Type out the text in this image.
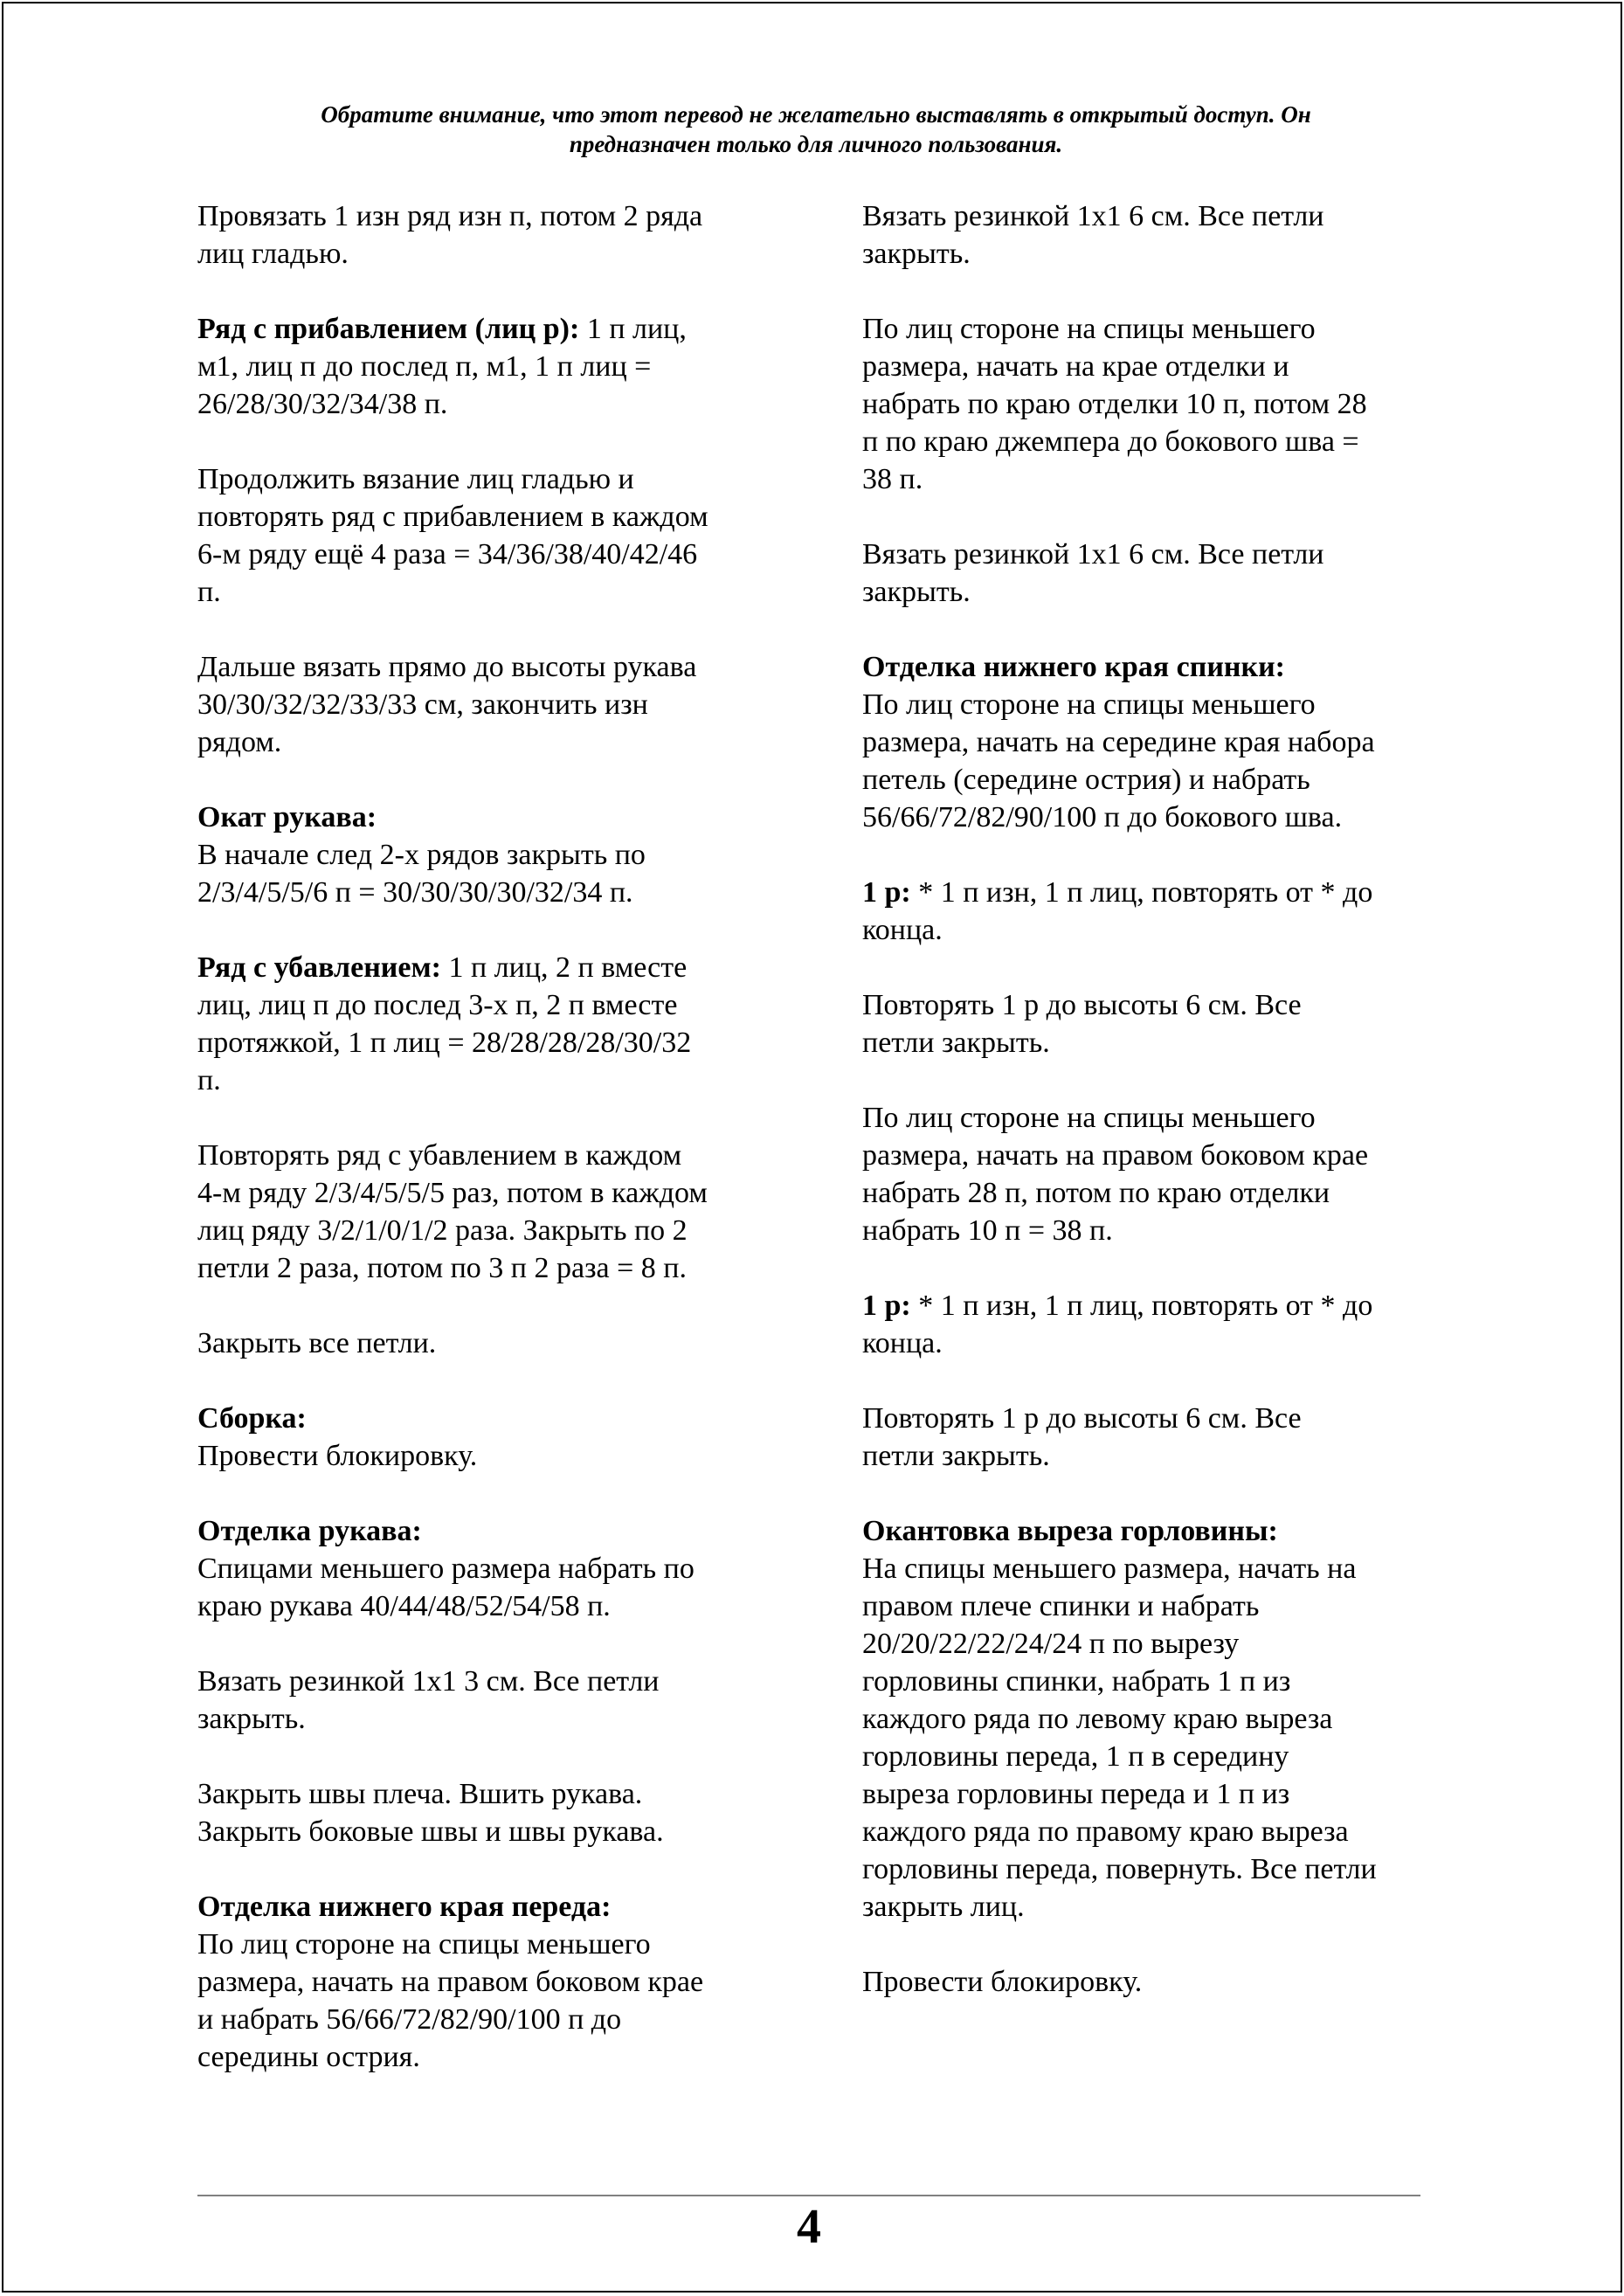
Обратите внимание, что этот перевод не желательно выставлять в открытый доступ. Он
предназначен только для личного пользования.
Провязать 1 изн ряд изн п, потом 2 ряда
лиц гладью.
Ряд с прибавлением (лиц р): 1 п лиц,
м1, лиц п до послед п, м1, 1 п лиц =
26/28/30/32/34/38 п.
Продолжить вязание лиц гладью и
повторять ряд с прибавлением в каждом
6-м ряду ещё 4 раза = 34/36/38/40/42/46
п.
Дальше вязать прямо до высоты рукава
30/30/32/32/33/33 см, закончить изн
рядом.
Окат рукава:
В начале след 2-х рядов закрыть по
2/3/4/5/5/6 п = 30/30/30/30/32/34 п.
Ряд с убавлением: 1 п лиц, 2 п вместе
лиц, лиц п до послед 3-х п, 2 п вместе
протяжкой, 1 п лиц = 28/28/28/28/30/32
п.
Повторять ряд с убавлением в каждом
4-м ряду 2/3/4/5/5/5 раз, потом в каждом
лиц ряду 3/2/1/0/1/2 раза. Закрыть по 2
петли 2 раза, потом по 3 п 2 раза = 8 п.
Закрыть все петли.
Сборка:
Провести блокировку.
Отделка рукава:
Спицами меньшего размера набрать по
краю рукава 40/44/48/52/54/58 п.
Вязать резинкой 1х1 3 см. Все петли
закрыть.
Закрыть швы плеча. Вшить рукава.
Закрыть боковые швы и швы рукава.
Отделка нижнего края переда:
По лиц стороне на спицы меньшего
размера, начать на правом боковом крае
и набрать 56/66/72/82/90/100 п до
середины острия.
Вязать резинкой 1х1 6 см. Все петли
закрыть.
По лиц стороне на спицы меньшего
размера, начать на крае отделки и
набрать по краю отделки 10 п, потом 28
п по краю джемпера до бокового шва =
38 п.
Вязать резинкой 1х1 6 см. Все петли
закрыть.
Отделка нижнего края спинки:
По лиц стороне на спицы меньшего
размера, начать на середине края набора
петель (середине острия) и набрать
56/66/72/82/90/100 п до бокового шва.
1 р: * 1 п изн, 1 п лиц, повторять от * до
конца.
Повторять 1 р до высоты 6 см. Все
петли закрыть.
По лиц стороне на спицы меньшего
размера, начать на правом боковом крае
набрать 28 п, потом по краю отделки
набрать 10 п = 38 п.
1 р: * 1 п изн, 1 п лиц, повторять от * до
конца.
Повторять 1 р до высоты 6 см. Все
петли закрыть.
Окантовка выреза горловины:
На спицы меньшего размера, начать на
правом плече спинки и набрать
20/20/22/22/24/24 п по вырезу
горловины спинки, набрать 1 п из
каждого ряда по левому краю выреза
горловины переда, 1 п в середину
выреза горловины переда и 1 п из
каждого ряда по правому краю выреза
горловины переда, повернуть. Все петли
закрыть лиц.
Провести блокировку.
4
